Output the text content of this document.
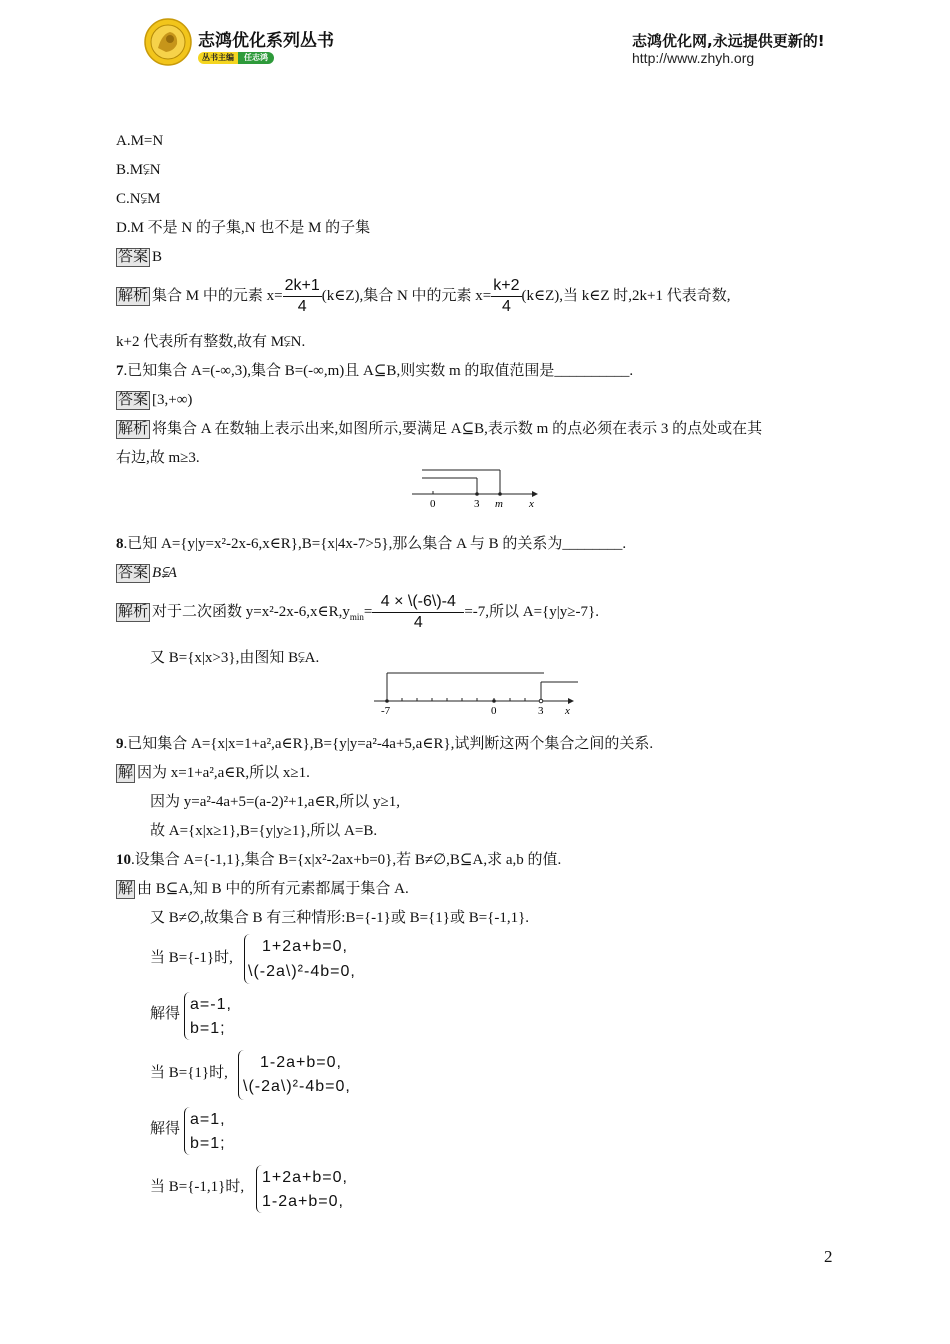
志鸿优化系列丛书
丛书主编 任志鸿
志鸿优化网,永远提供更新的!
http://www.zhyh.org
A.M=N
B.M⫋N
C.N⫋M
D.M 不是 N 的子集,N 也不是 M 的子集
答案 B
解析 集合 M 中的元素 $x= \frac{2k+1}{4}$ (k∈Z),集合 N 中的元素 $x= \frac{k+2}{4}$ (k∈Z),当 k∈Z 时,2k+1 代表奇数,
k+2 代表所有整数,故有 M⫋N.
7.已知集合 A=(-∞,3),集合 B=(-∞,m)且 A⊆B,则实数 m 的取值范围是__________.
答案 [3,+∞)
解析 将集合 A 在数轴上表示出来,如图所示,要满足 A⊆B,表示数 m 的点必须在表示 3 的点处或在其
右边,故 m≥3.
0	3 m x
8.已知 A={y|y=x²-2x-6,x∈R},B={x|4x-7>5},那么集合 A 与 B 的关系为________.
答案 B⫋A
解析 对于二次函数 $y=x^2-2x-6,x\in R,y_{min}= \frac{4 \times \backslash(-6\backslash)-4}{4} =-7$,所以 A={y|y≥-7}.
又 B={x|x>3},由图知 B⫋A.
-7	0	3 x
9.已知集合 A={x|x=1+a²,a∈R},B={y|y=a²-4a+5,a∈R},试判断这两个集合之间的关系.
解 因为 x=1+a²,a∈R,所以 x≥1.
因为 y=a²-4a+5=(a-2)²+1,a∈R,所以 y≥1,
故 A={x|x≥1},B={y|y≥1},所以 A=B.
10.设集合 A={-1,1},集合 B={x|x²-2ax+b=0},若 B≠∅,B⊆A,求 a,b 的值.
解 由 B⊆A,知 B 中的所有元素都属于集合 A.
又 B≠∅,故集合 B 有三种情形:B={-1}或 B={1}或 B={-1,1}.
当 B={-1}时,
1+2a+b=0,
\(-2a\)²-4b=0,
解得
a=-1,
b=1;
当 B={1}时,
1-2a+b=0,
\(-2a\)²-4b=0,
解得
a=1,
b=1;
当 B={-1,1}时,
1+2a+b=0,
1-2a+b=0,
2
